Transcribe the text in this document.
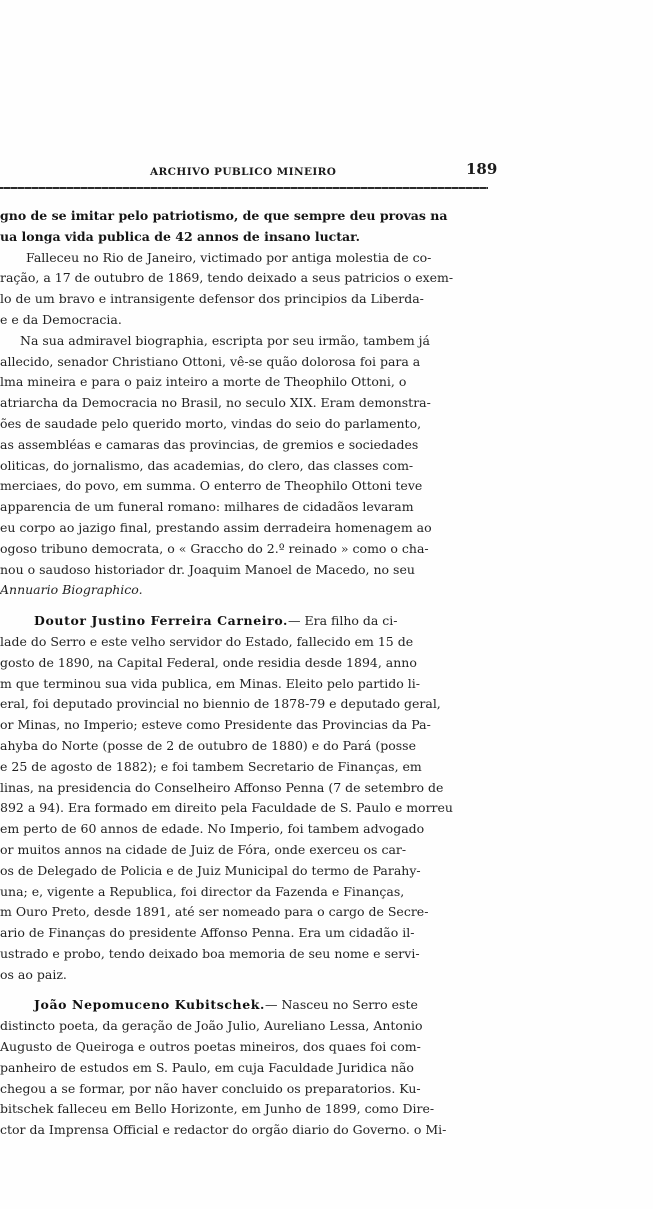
ARCHIVO PUBLICO MINEIRO	189
gno de se imitar pelo patriotismo, de que sempre deu provas na
ua longa vida publica de 42 annos de insano luctar.
Falleceu no Rio de Janeiro, victimado por antiga molestia de co-
ração, a 17 de outubro de 1869, tendo deixado a seus patricios o exem-
lo de um bravo e intransigente defensor dos principios da Liberda-
e e da Democracia.
Na sua admiravel biographia, escripta por seu irmão, tambem já
allecido, senador Christiano Ottoni, vê-se quão dolorosa foi para a
lma mineira e para o paiz inteiro a morte de Theophilo Ottoni, o
atriarcha da Democracia no Brasil, no seculo XIX. Eram demonstra-
ões de saudade pelo querido morto, vindas do seio do parlamento,
as assembléas e camaras das provincias, de gremios e sociedades
oliticas, do jornalismo, das academias, do clero, das classes com-
merciaes, do povo, em summa. O enterro de Theophilo Ottoni teve
apparencia de um funeral romano: milhares de cidadãos levaram
eu corpo ao jazigo final, prestando assim derradeira homenagem ao
ogoso tribuno democrata, o « Graccho do 2.º reinado » como o cha-
nou o saudoso historiador dr. Joaquim Manoel de Macedo, no seu
Annuario Biographico.
Doutor Justino Ferreira Carneiro.— Era filho da ci-
lade do Serro e este velho servidor do Estado, fallecido em 15 de
gosto de 1890, na Capital Federal, onde residia desde 1894, anno
m que terminou sua vida publica, em Minas. Eleito pelo partido li-
eral, foi deputado provincial no biennio de 1878-79 e deputado geral,
or Minas, no Imperio; esteve como Presidente das Provincias da Pa-
ahyba do Norte (posse de 2 de outubro de 1880) e do Pará (posse
e 25 de agosto de 1882); e foi tambem Secretario de Finanças, em
linas, na presidencia do Conselheiro Affonso Penna (7 de setembro de
892 a 94). Era formado em direito pela Faculdade de S. Paulo e morreu
em perto de 60 annos de edade. No Imperio, foi tambem advogado
or muitos annos na cidade de Juiz de Fóra, onde exerceu os car-
os de Delegado de Policia e de Juiz Municipal do termo de Parahy-
una; e, vigente a Republica, foi director da Fazenda e Finanças,
m Ouro Preto, desde 1891, até ser nomeado para o cargo de Secre-
ario de Finanças do presidente Affonso Penna. Era um cidadão il-
ustrado e probo, tendo deixado boa memoria de seu nome e servi-
os ao paiz.
João Nepomuceno Kubitschek.— Nasceu no Serro este
distincto poeta, da geração de João Julio, Aureliano Lessa, Antonio
Augusto de Queiroga e outros poetas mineiros, dos quaes foi com-
panheiro de estudos em S. Paulo, em cuja Faculdade Juridica não
chegou a se formar, por não haver concluido os preparatorios. Ku-
bitschek falleceu em Bello Horizonte, em Junho de 1899, como Dire-
ctor da Imprensa Official e redactor do orgão diario do Governo. o Mi-
